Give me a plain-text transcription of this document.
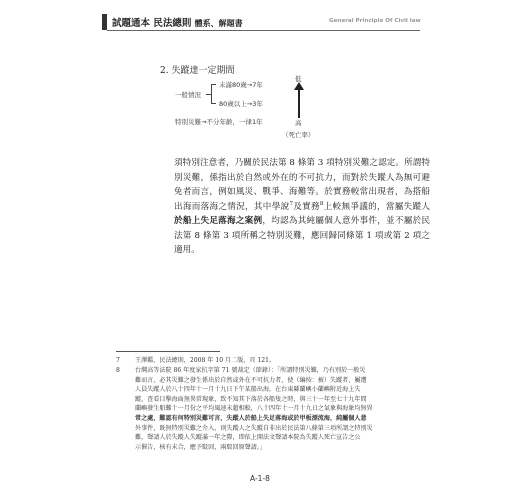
試題通本 民法總則 體系、解題書	General Principle Of Civil law
2. 失蹤達一定期間
一般情況
未滿80歲→7年
80歲以上→3年
特別災難→不分年齡，一律1年
低
高
（死亡率）
須特別注意者，乃關於民法第 8 條第 3 項特別災難之認定。所謂特別災難，係指出於自然或外在的不可抗力，而對於失蹤人為無可避免者而言，例如風災、戰爭、海難等。於實務較常出現者，為搭船出海而落海之情況，其中學說$^7$及實務$^8$上較無爭議的，當屬失蹤人於船上失足落海之案例，均認為其純屬個人意外事件，並不屬於民法第 8 條第 3 項所稱之特別災難，應回歸同條第 1 項或第 2 項之適用。
7 王澤鑑，民法總則，2008 年 10 月二版，頁 121。
8 台灣高等法院 86 年度家抗字第 71 號裁定（節錄）：「所謂特別災難，乃有別於一般災
難而言，必其災難之發生係出於自然或外在不可抗力者，使（編按：被）失蹤者，屬遭
人員失蹤人於八十四年十一月十九日下午某船出海，在台東縣蘭嶼小蘭嶼附近海上失
蹤，查看目擊海面無異常現象，致不知其下落於各船隻之時，與三十一年至七十九年間
蘭嶼發生船難十一月份之平均風速未超相較，八十四年十一月十九日之氣象與海象均無異
常之處，難認有何特別災難可言，失蹤人於船上失足落海或於甲板漂流海，純屬個人意
外事件，既無特別災難之介入，則失蹤人之失蹤自非出於民法第八條第三項所謂之特別災
難，聲請人於失蹤人失蹤滿一年之際，即依上開法文聲請本院為失蹤人死亡宣告之公
示催告，核有未合，應予駁回，兩駁回原聲請。」
A-1-8
